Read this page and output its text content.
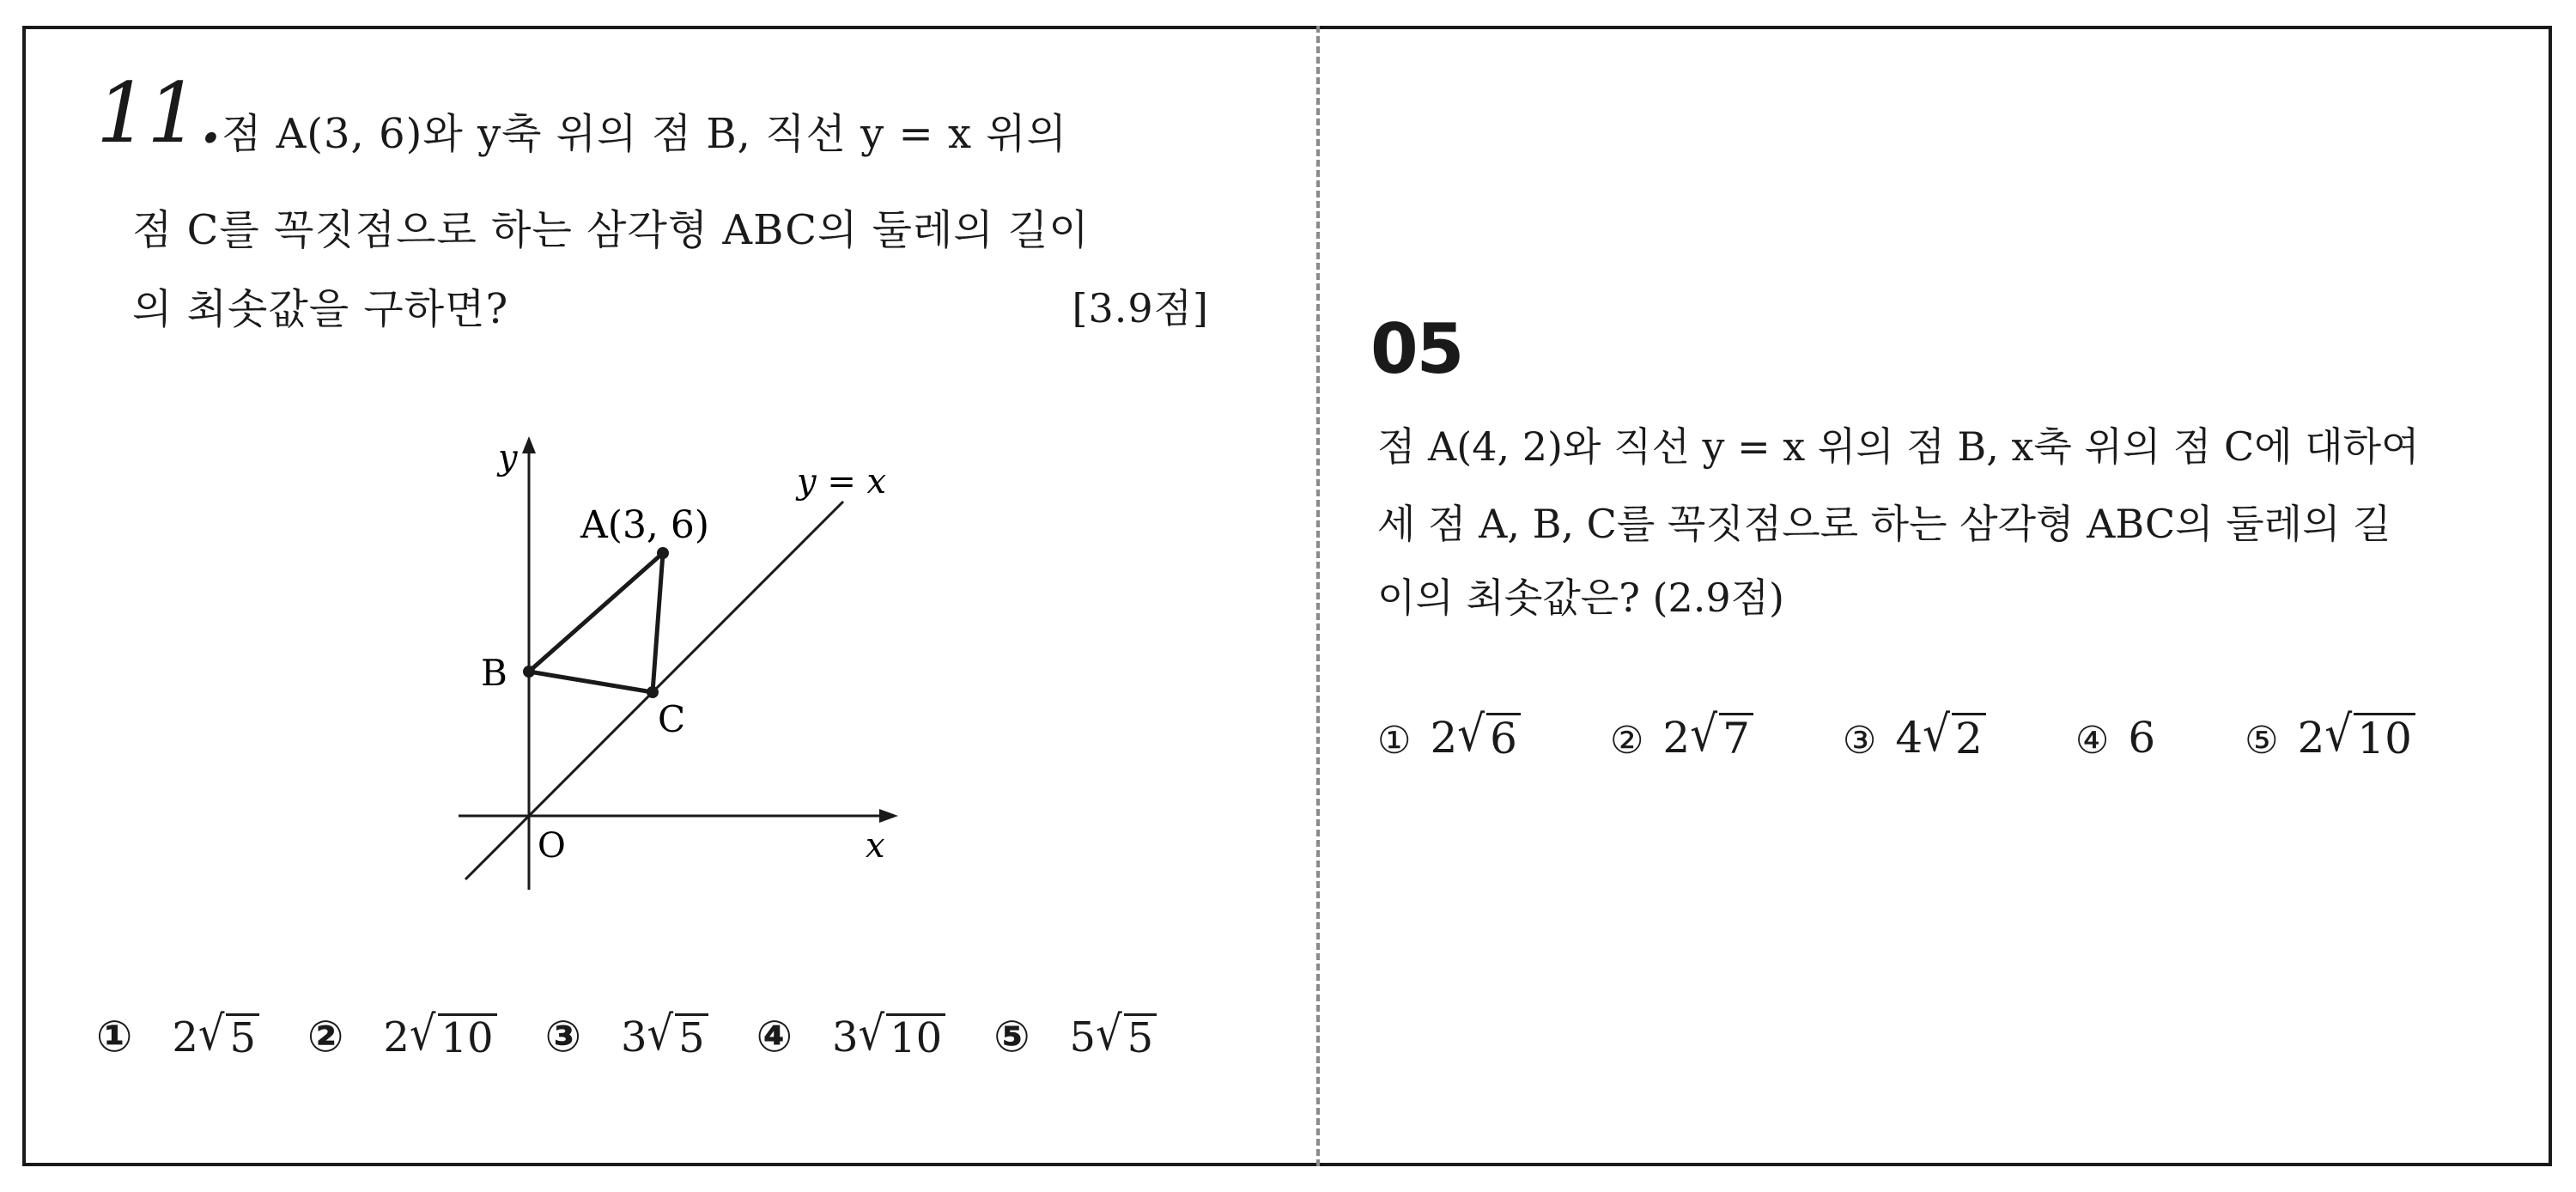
11. 점 A(3, 6)와 y축 위의 점 B, 직선 y = x 위의
점 C를 꼭짓점으로 하는 삼각형 ABC의 둘레의 길이
의 최솟값을 구하면?	[3.9점]
y
x
y = x
A(3, 6)
B
C
O
① 2 √ 5 ② 2 √ 10 ③ 3 √ 5 ④ 3 √ 10 ⑤ 5 √ 5
05
점 A(4, 2)와 직선 y = x 위의 점 B, x축 위의 점 C에 대하여
세 점 A, B, C를 꼭짓점으로 하는 삼각형 ABC의 둘레의 길
이의 최솟값은? (2.9점)
① 2 √ 6 ② 2 √ 7 ③ 4 √ 2 ④ 6 ⑤ 2 √ 10
